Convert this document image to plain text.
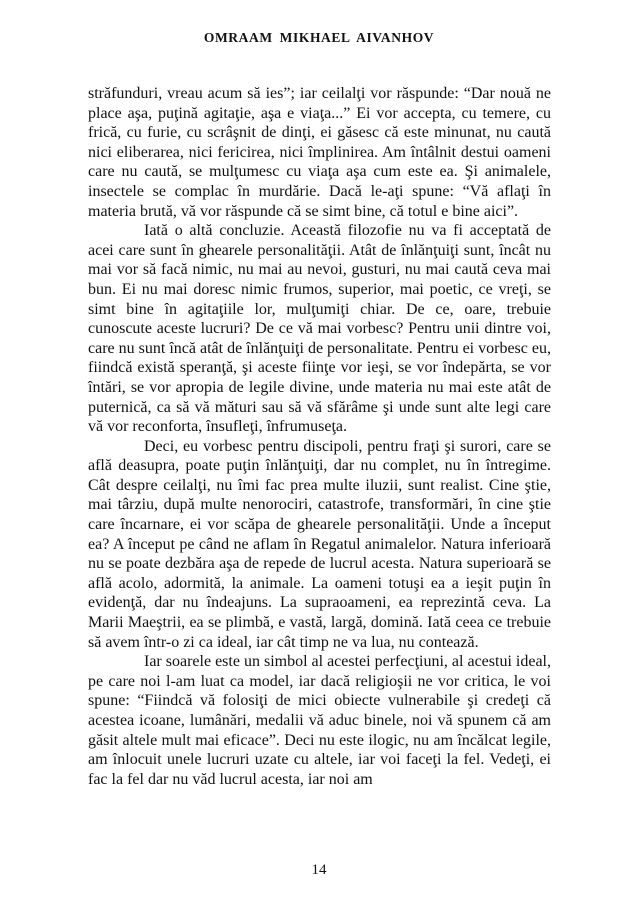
OMRAAM MIKHAEL AIVANHOV

străfunduri, vreau acum să ies”; iar ceilalţi vor răspunde: “Dar nouă ne place aşa, puţină agitaţie, aşa e viaţa...” Ei vor accepta, cu temere, cu frică, cu furie, cu scrâşnit de dinţi, ei găsesc că este minunat, nu caută nici eliberarea, nici fericirea, nici împlinirea. Am întâlnit destui oameni care nu caută, se mulţumesc cu viaţa aşa cum este ea. Şi animalele, insectele se complac în murdărie. Dacă le-aţi spune: “Vă aflaţi în materia brută, vă vor răspunde că se simt bine, că totul e bine aici”.

Iată o altă concluzie. Această filozofie nu va fi acceptată de acei care sunt în ghearele personalităţii. Atât de înlănţuiţi sunt, încât nu mai vor să facă nimic, nu mai au nevoi, gusturi, nu mai caută ceva mai bun. Ei nu mai doresc nimic frumos, superior, mai poetic, ce vreţi, se simt bine în agitaţiile lor, mulţumiţi chiar. De ce, oare, trebuie cunoscute aceste lucruri? De ce vă mai vorbesc? Pentru unii dintre voi, care nu sunt încă atât de înlănţuiţi de personalitate. Pentru ei vorbesc eu, fiindcă există speranţă, şi aceste fiinţe vor ieşi, se vor îndepărta, se vor întări, se vor apropia de legile divine, unde materia nu mai este atât de puternică, ca să vă mături sau să vă sfărâme şi unde sunt alte legi care vă vor reconforta, însufleţi, înfrumuseţa.

Deci, eu vorbesc pentru discipoli, pentru fraţi şi surori, care se află deasupra, poate puţin înlănţuiţi, dar nu complet, nu în întregime. Cât despre ceilalţi, nu îmi fac prea multe iluzii, sunt realist. Cine ştie, mai târziu, după multe nenorociri, catastrofe, transformări, în cine ştie care încarnare, ei vor scăpa de ghearele personalităţii. Unde a început ea? A început pe când ne aflam în Regatul animalelor. Natura inferioară nu se poate dezbăra aşa de repede de lucrul acesta. Natura superioară se află acolo, adormită, la animale. La oameni totuşi ea a ieşit puţin în evidenţă, dar nu îndeajuns. La supraoameni, ea reprezintă ceva. La Marii Maeştrii, ea se plimbă, e vastă, largă, domină. Iată ceea ce trebuie să avem într-o zi ca ideal, iar cât timp ne va lua, nu contează.

Iar soarele este un simbol al acestei perfecţiuni, al acestui ideal, pe care noi l-am luat ca model, iar dacă religioşii ne vor critica, le voi spune: “Fiindcă vă folosiţi de mici obiecte vulnerabile şi credeţi că acestea icoane, lumânări, medalii vă aduc binele, noi vă spunem că am găsit altele mult mai eficace”. Deci nu este ilogic, nu am încălcat legile, am înlocuit unele lucruri uzate cu altele, iar voi faceţi la fel. Vedeţi, ei fac la fel dar nu văd lucrul acesta, iar noi am

14
